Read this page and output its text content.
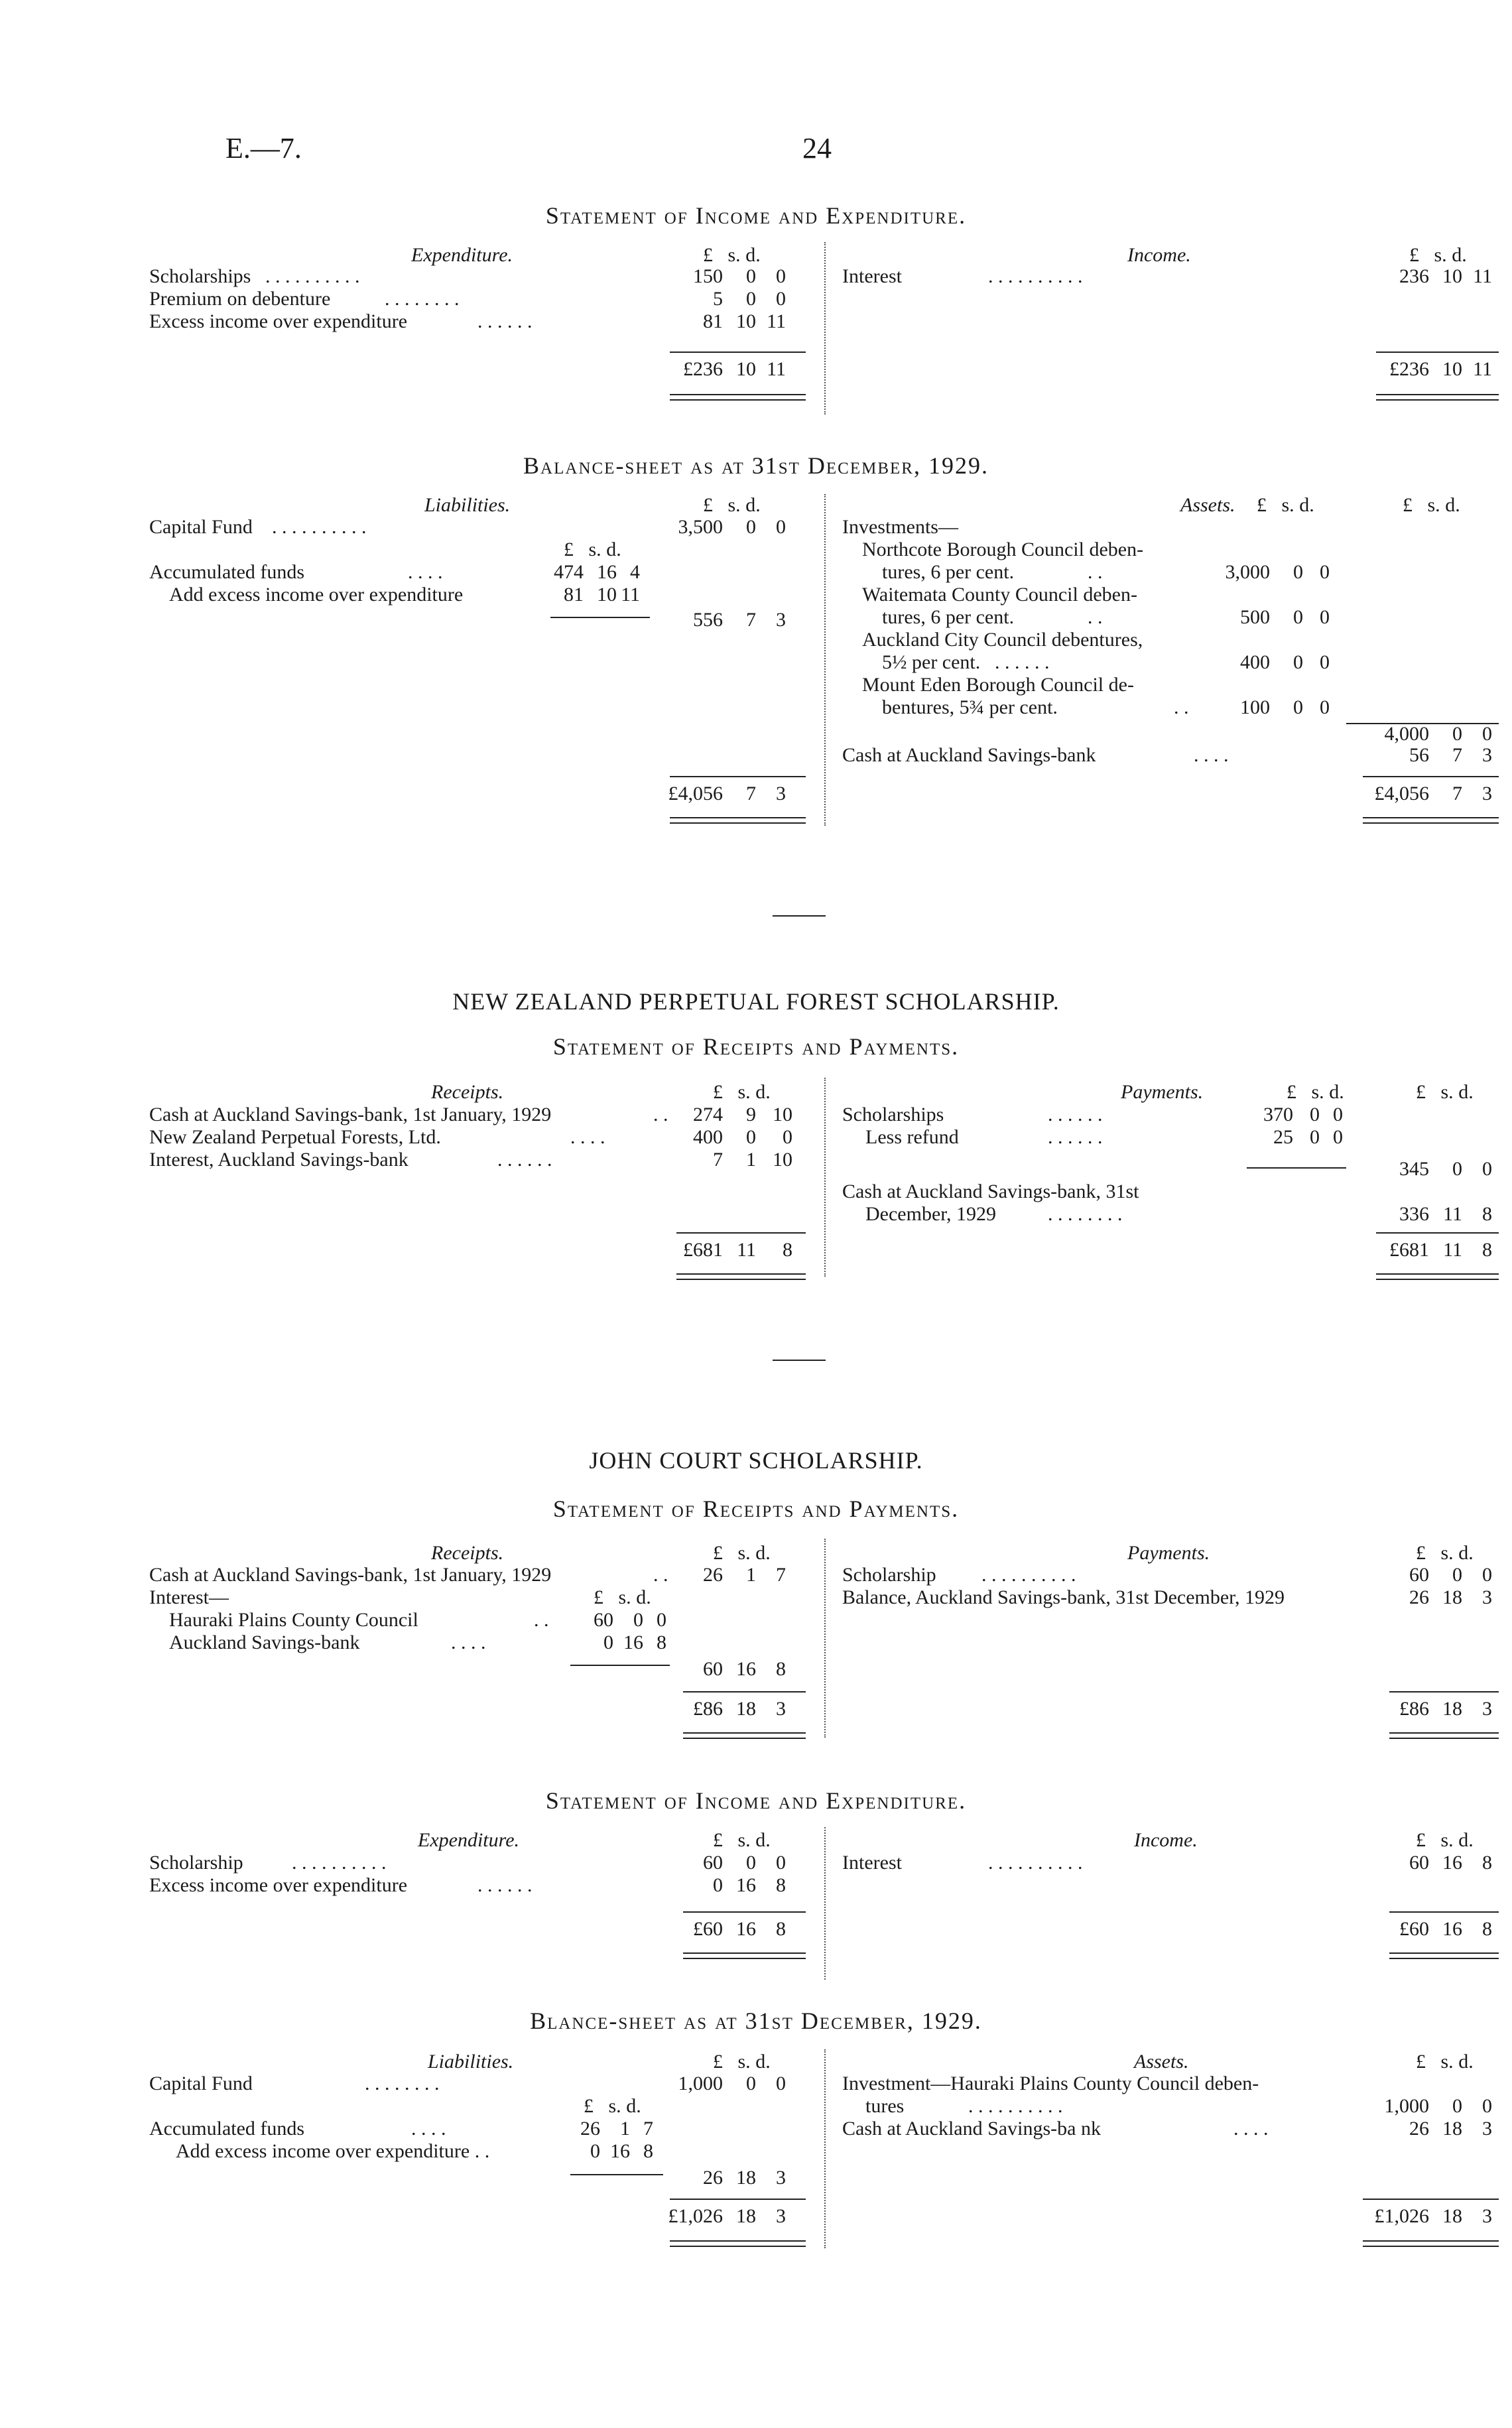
E.—7.	24
Statement of Income and Expenditure.
Expenditure.	£ s. d.
Scholarships . . . . . . . . . .	150	0	0
Premium on debenture	. . . . . . . .	5	0	0
Excess income over expenditure	. . . . . .	81 10 11
£236 10 11
Income.	£ s. d.
Interest	. . . . . . . . . .	236 10 11
£236 10 11
Balance-sheet as at 31st December, 1929.
Liabilities.	£ s. d.
Capital Fund . . . . . . . . . .	3,500	0	0
£ s. d.
Accumulated funds	. . . .	474 16 4
Add excess income over expenditure	81 10 11
556	7	3
£4,056	7	3
Assets. £ s. d.	£ s. d.
Investments—
Northcote Borough Council deben-
tures, 6 per cent.	. .	3,000	0 0
Waitemata County Council deben-
tures, 6 per cent.	. .	500	0 0
Auckland City Council debentures,
5½ per cent. . . . . . .	400	0 0
Mount Eden Borough Council de-
bentures, 5¾ per cent.	. .	100	0 0
4,000	0	0
Cash at Auckland Savings-bank	. . . .	56	7	3
£4,056	7	3
NEW ZEALAND PERPETUAL FOREST SCHOLARSHIP.
Statement of Receipts and Payments.
Receipts.	£ s. d.
Cash at Auckland Savings-bank, 1st January, 1929	. .	274	9 10
New Zealand Perpetual Forests, Ltd.	. . . .	400	0	0
Interest, Auckland Savings-bank	. . . . . .	7	1 10
£681 11	8
Payments.	£ s. d.	£ s. d.
Scholarships	. . . . . .	370 0 0
Less refund	. . . . . .	25 0 0
345	0	0
Cash at Auckland Savings-bank, 31st
December, 1929	. . . . . . . .	336 11	8
£681 11	8
JOHN COURT SCHOLARSHIP.
Statement of Receipts and Payments.
Receipts.	£ s. d.
Cash at Auckland Savings-bank, 1st January, 1929	. .	26	1	7
Interest—	£ s. d.
Hauraki Plains County Council	. .	60	0 0
Auckland Savings-bank	. . . .	0 16 8
60 16	8
£86 18	3
Payments.	£ s. d.
Scholarship . . . . . . . . . .	60	0	0
Balance, Auckland Savings-bank, 31st December, 1929	26 18	3
£86 18	3
Statement of Income and Expenditure.
Expenditure.	£ s. d.
Scholarship . . . . . . . . . .	60	0	0
Excess income over expenditure	. . . . . .	0 16	8
£60 16	8
Income.	£ s. d.
Interest	. . . . . . . . . .	60 16	8
£60 16	8
Blance-sheet as at 31st December, 1929.
Liabilities.	£ s. d.
Capital Fund	. . . . . . . .	1,000	0	0
£ s. d.
Accumulated funds	. . . .	26	1 7
Add excess income over expenditure . .	0 16 8
26 18	3
£1,026 18	3
Assets.	£ s. d.
Investment—Hauraki Plains County Council deben-
tures	. . . . . . . . . .	1,000	0	0
Cash at Auckland Savings-ba nk	. . . .	26 18	3
£1,026 18	3
